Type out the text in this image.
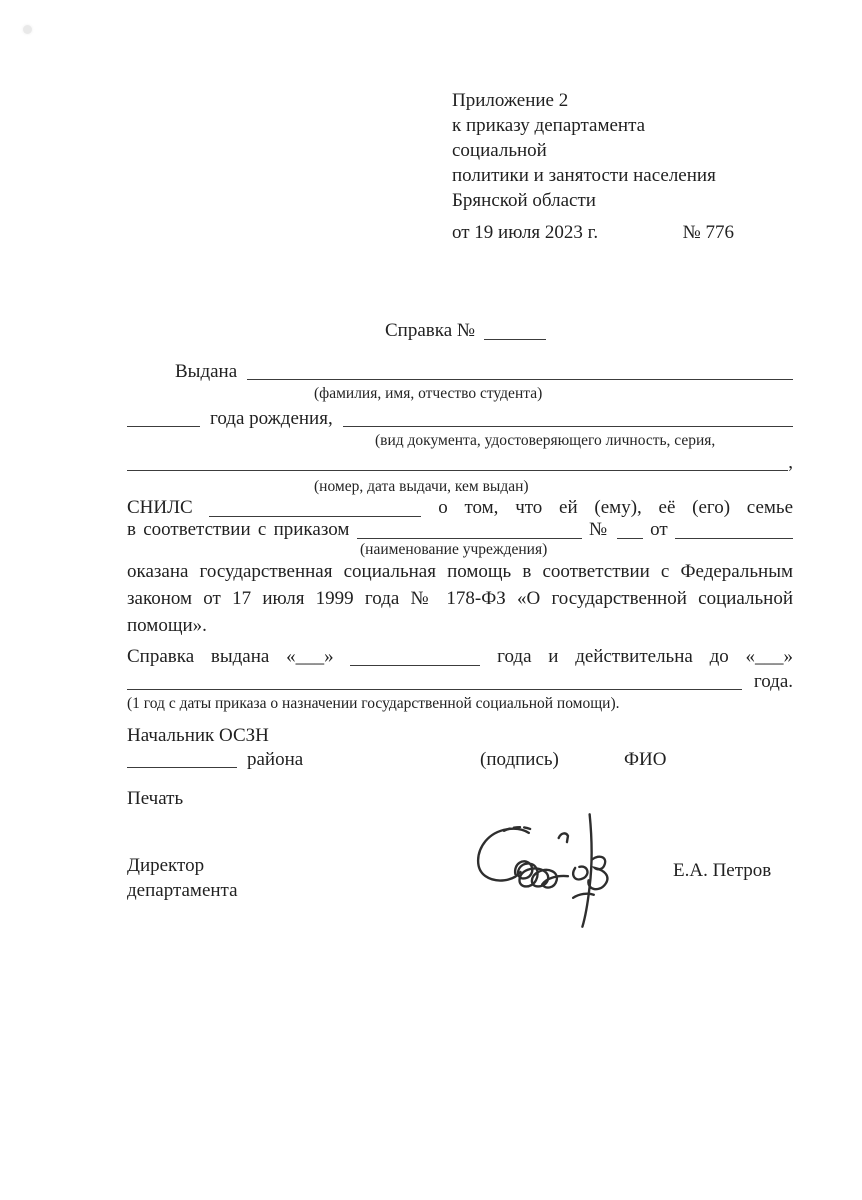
Приложение 2
к приказу департамента социальной
политики и занятости населения
Брянской области
от 19 июля 2023 г.	№ 776
Справка №
Выдана
(фамилия, имя, отчество студента)
года рождения,
(вид документа, удостоверяющего личность, серия,
,
(номер, дата выдачи, кем выдан)
СНИЛС	о том, что ей (ему), её (его) семье
в соответствии с приказом	№ от
(наименование учреждения)
оказана государственная социальная помощь в соответствии с Федеральным
законом от 17 июля 1999 года № 178-ФЗ «О государственной социальной
помощи».
Справка выдана «___»	года и действительна до «___»
года.
(1 год с даты приказа о назначении государственной социальной помощи).
Начальник ОСЗН
района	(подпись)	ФИО
Печать
Директор
департамента
Е.А. Петров
